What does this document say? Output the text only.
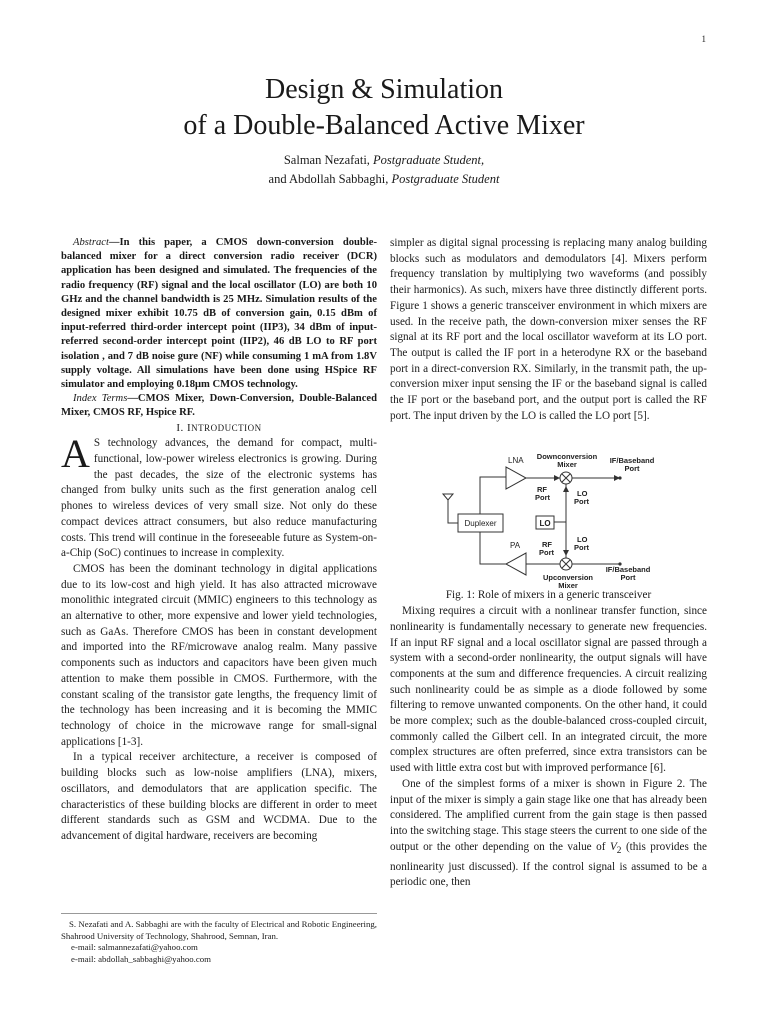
1
Design & Simulation
of a Double-Balanced Active Mixer
Salman Nezafati, Postgraduate Student,
and Abdollah Sabbaghi, Postgraduate Student

Abstract—In this paper, a CMOS down-conversion double-balanced mixer for a direct conversion radio receiver (DCR) application has been designed and simulated. The frequencies of the radio frequency (RF) signal and the local oscillator (LO) are both 10 GHz and the channel bandwidth is 25 MHz. Simulation results of the designed mixer exhibit 10.75 dB of conversion gain, 0.15 dBm of input-referred third-order intercept point (IIP3), 34 dBm of input-referred second-order intercept point (IIP2), 46 dB LO to RF port isolation , and 7 dB noise gure (NF) while consuming 1 mA from 1.8V supply voltage. All simulations have been done using HSpice RF simulator and employing 0.18μm CMOS technology.

Index Terms—CMOS Mixer, Down-Conversion, Double-Balanced Mixer, CMOS RF, Hspice RF.

I. INTRODUCTION

A S technology advances, the demand for compact, multi-functional, low-power wireless electronics is growing. During the past decades, the size of the electronic systems has changed from bulky units such as the first generation analog cell phones to wireless devices of very small size. Not only do these compact devices attract consumers, but also reduce manufacturing costs. This trend will continue in the foreseeable future as System-on-a-Chip (SoC) continues to increase in complexity.

CMOS has been the dominant technology in digital applications due to its low-cost and high yield. It has also attracted microwave monolithic integrated circuit (MMIC) engineers to this technology as an alternative to other, more expensive and lower yield technologies, such as GaAs. Therefore CMOS has been in constant development and imported into the RF/microwave analog realm. Many passive components such as inductors and capacitors have been given much attention to make them possible in CMOS. Furthermore, with the constant scaling of the transistor gate lengths, the frequency limit of the technology has been increasing and it is becoming the MMIC technology of choice in the microwave range for small-signal applications [1-3].

In a typical receiver architecture, a receiver is composed of building blocks such as low-noise amplifiers (LNA), mixers, oscillators, and demodulators that are application specific. The characteristics of these building blocks are different in order to meet different standards such as GSM and WCDMA. Due to the advancement of digital hardware, receivers are becoming

S. Nezafati and A. Sabbaghi are with the faculty of Electrical and Robotic Engineering, Shahrood University of Technology, Shahrood, Semnan, Iran.

e-mail: salmannezafati@yahoo.com

e-mail: abdollah_sabbaghi@yahoo.com

simpler as digital signal processing is replacing many analog building blocks such as modulators and demodulators [4]. Mixers perform frequency translation by multiplying two waveforms (and possibly their harmonics). As such, mixers have three distinctly different ports. Figure 1 shows a generic transceiver environment in which mixers are used. In the receive path, the down-conversion mixer senses the RF signal at its RF port and the local oscillator waveform at its LO port. The output is called the IF port in a heterodyne RX or the baseband port in a direct-conversion RX. Similarly, in the transmit path, the up-conversion mixer input sensing the IF or the baseband signal is called the IF port or the baseband port, and the output port is called the RF port. The input driven by the LO is called the LO port [5].

LNA Downconversion
Mixer	IF/Baseband
Port
RF
Port	LO
Port
Duplexer	LO
PA
LO
Port
RF
Port
Upconversion
Mixer
IF/Baseband
Port

Fig. 1: Role of mixers in a generic transceiver

Mixing requires a circuit with a nonlinear transfer function, since nonlinearity is fundamentally necessary to generate new frequencies. If an input RF signal and a local oscillator signal are passed through a system with a second-order nonlinearity, the output signals will have components at the sum and difference frequencies. A circuit realizing such nonlinearity could be as simple as a diode followed by some filtering to remove unwanted components. On the other hand, it could be more complex; such as the double-balanced cross-coupled circuit, commonly called the Gilbert cell. In an integrated circuit, the more complex structures are often preferred, since extra transistors can be used with little extra cost but with improved performance [6].

One of the simplest forms of a mixer is shown in Figure 2. The input of the mixer is simply a gain stage like one that has already been considered. The amplified current from the gain stage is then passed into the switching stage. This stage steers the current to one side of the output or the other depending on the value of $V_2$ (this provides the nonlinearity just discussed). If the control signal is assumed to be a periodic one, then
